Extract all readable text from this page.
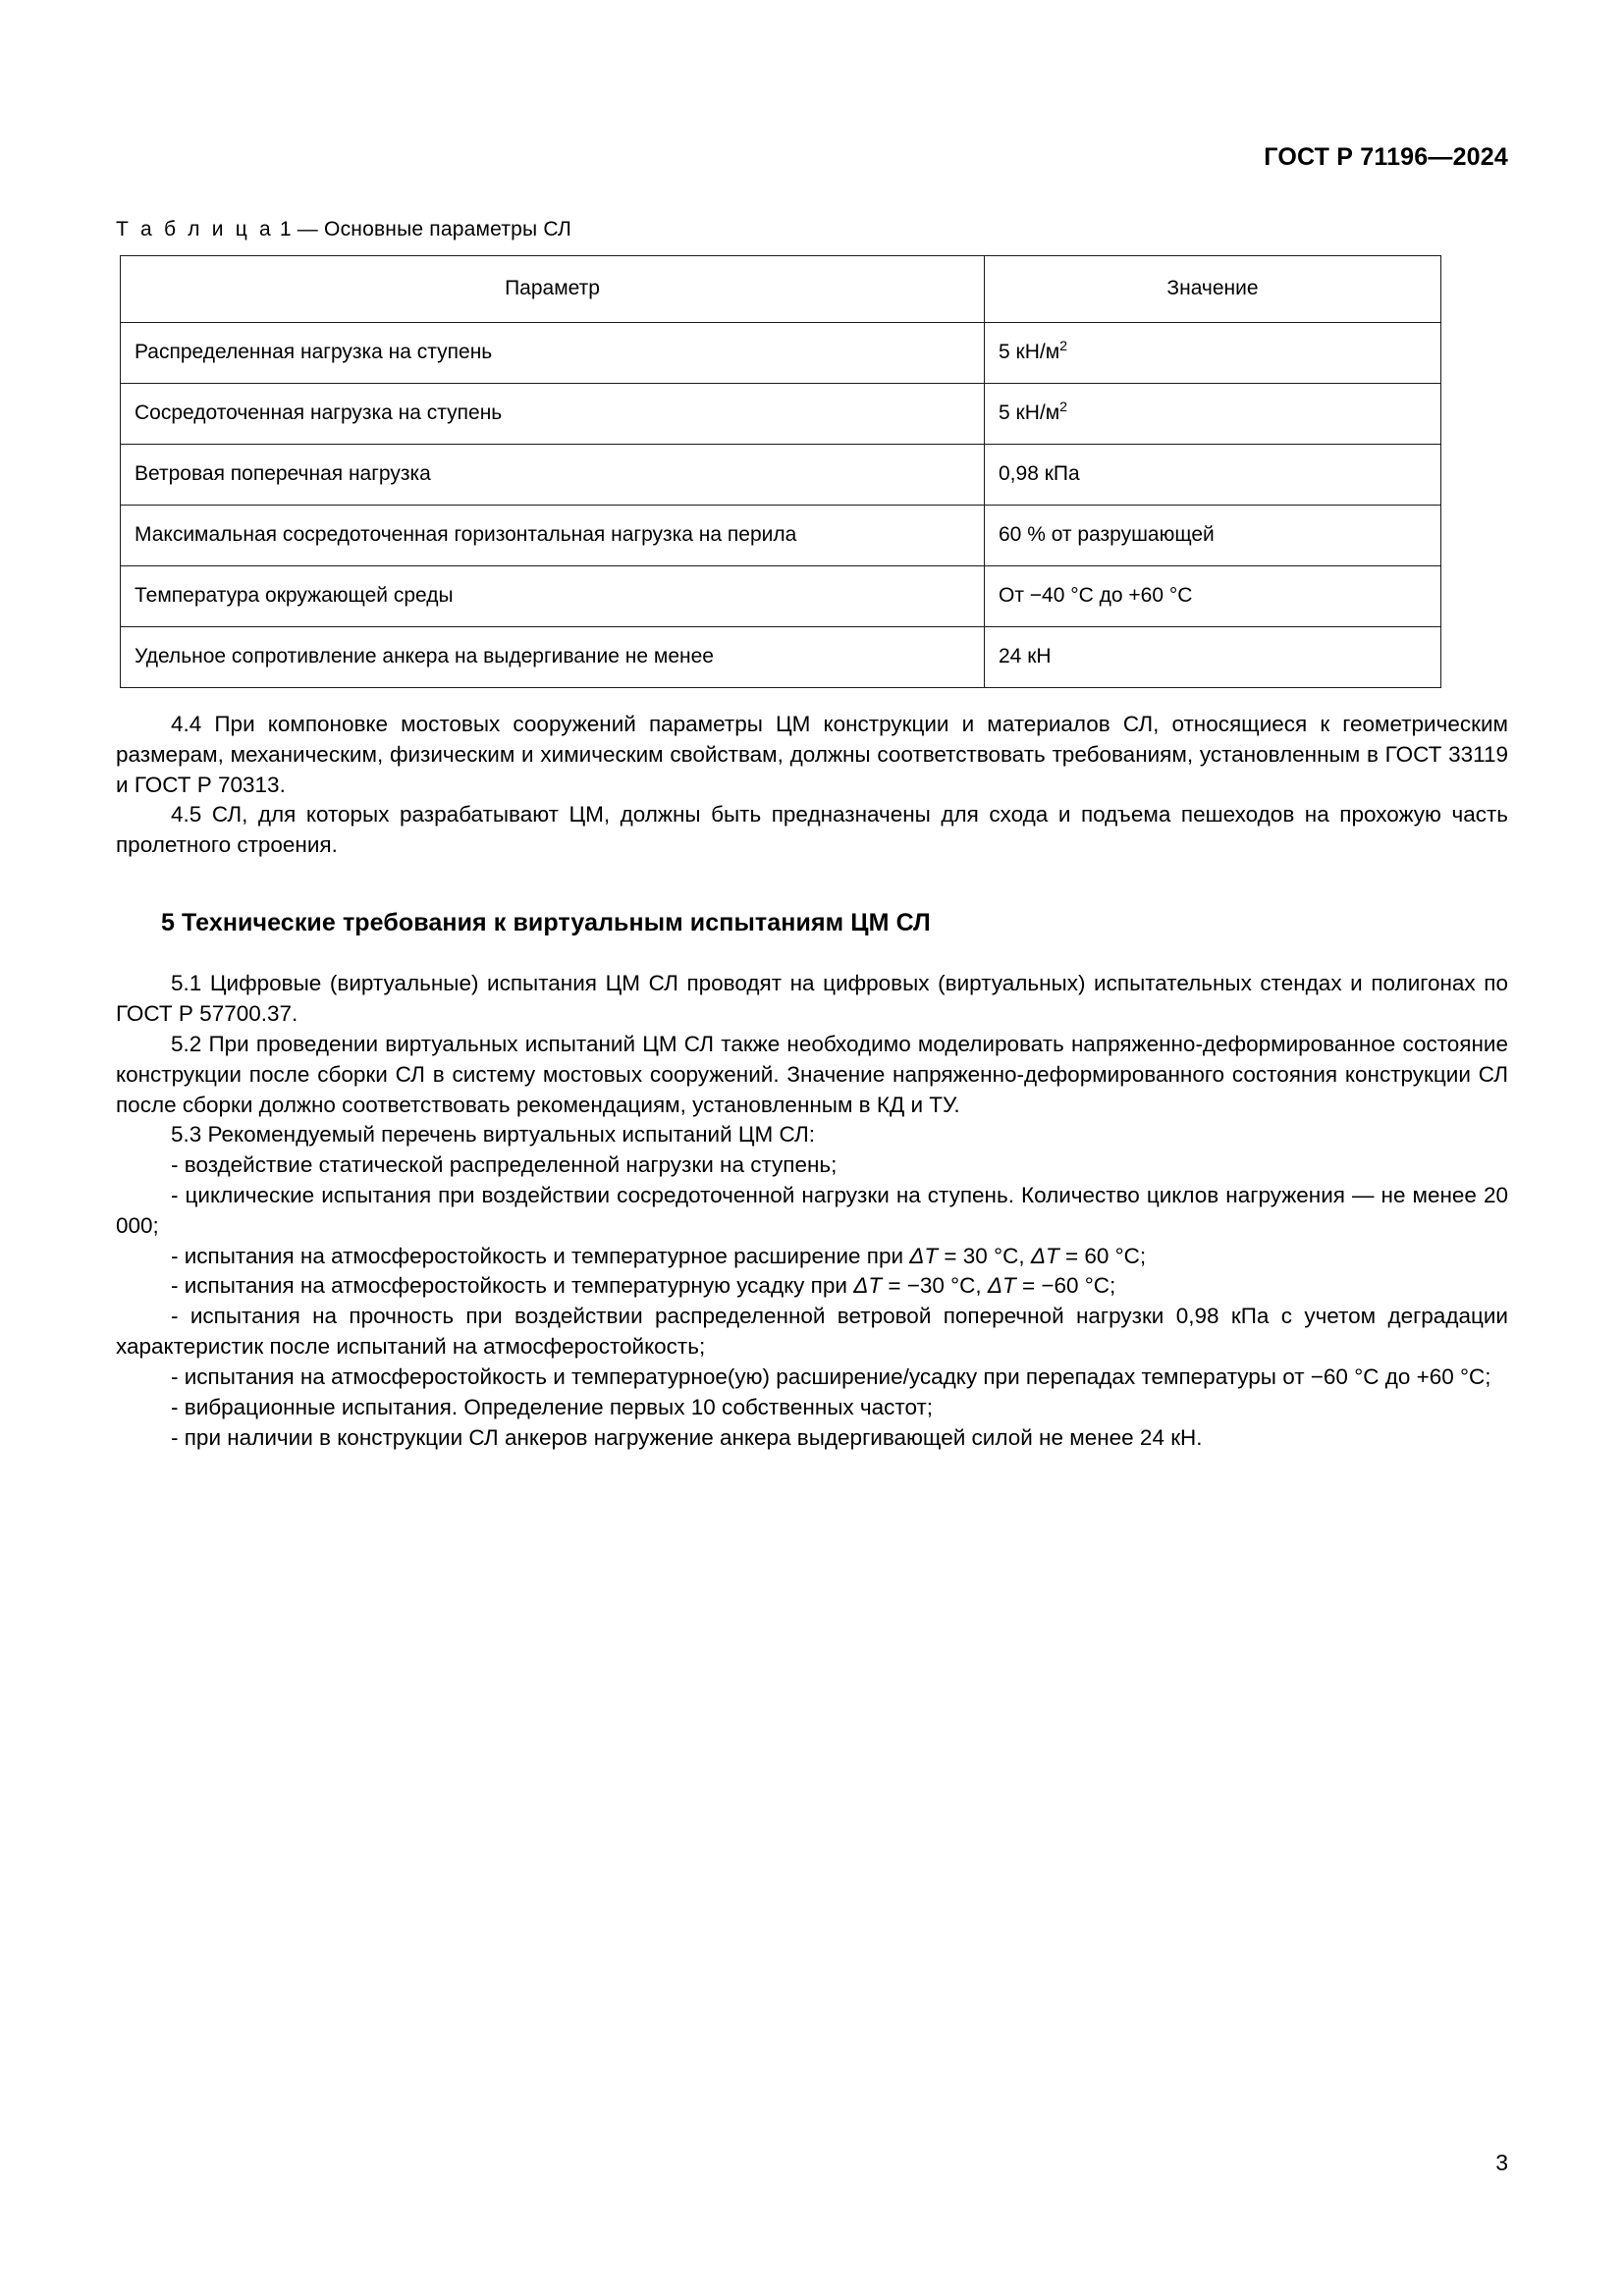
ГОСТ Р 71196—2024
Т а б л и ц а 1 — Основные параметры СЛ
Параметр	Значение
Распределенная нагрузка на ступень	5 $кН/м^2$
Сосредоточенная нагрузка на ступень	5 $кН/м^2$
Ветровая поперечная нагрузка	0,98 кПа
Максимальная сосредоточенная горизонтальная нагрузка на перила	60 % от разрушающей
Температура окружающей среды	От −40 °С до +60 °С
Удельное сопротивление анкера на выдергивание не менее	24 кН

4.4 При компоновке мостовых сооружений параметры ЦМ конструкции и материалов СЛ, относящиеся к геометрическим размерам, механическим, физическим и химическим свойствам, должны соответствовать требованиям, установленным в ГОСТ 33119 и ГОСТ Р 70313.

4.5 СЛ, для которых разрабатывают ЦМ, должны быть предназначены для схода и подъема пешеходов на прохожую часть пролетного строения.

5 Технические требования к виртуальным испытаниям ЦМ СЛ

5.1 Цифровые (виртуальные) испытания ЦМ СЛ проводят на цифровых (виртуальных) испытательных стендах и полигонах по ГОСТ Р 57700.37.

5.2 При проведении виртуальных испытаний ЦМ СЛ также необходимо моделировать напряженно-деформированное состояние конструкции после сборки СЛ в систему мостовых сооружений. Значение напряженно-деформированного состояния конструкции СЛ после сборки должно соответствовать рекомендациям, установленным в КД и ТУ.

5.3 Рекомендуемый перечень виртуальных испытаний ЦМ СЛ:

- воздействие статической распределенной нагрузки на ступень;

- циклические испытания при воздействии сосредоточенной нагрузки на ступень. Количество циклов нагружения — не менее 20 000;

- испытания на атмосферостойкость и температурное расширение при ΔT = 30 °С, ΔT = 60 °С;

- испытания на атмосферостойкость и температурную усадку при ΔT = −30 °С, ΔT = −60 °С;

- испытания на прочность при воздействии распределенной ветровой поперечной нагрузки 0,98 кПа с учетом деградации характеристик после испытаний на атмосферостойкость;

- испытания на атмосферостойкость и температурное(ую) расширение/усадку при перепадах температуры от −60 °С до +60 °С;

- вибрационные испытания. Определение первых 10 собственных частот;

- при наличии в конструкции СЛ анкеров нагружение анкера выдергивающей силой не менее 24 кН.

3
